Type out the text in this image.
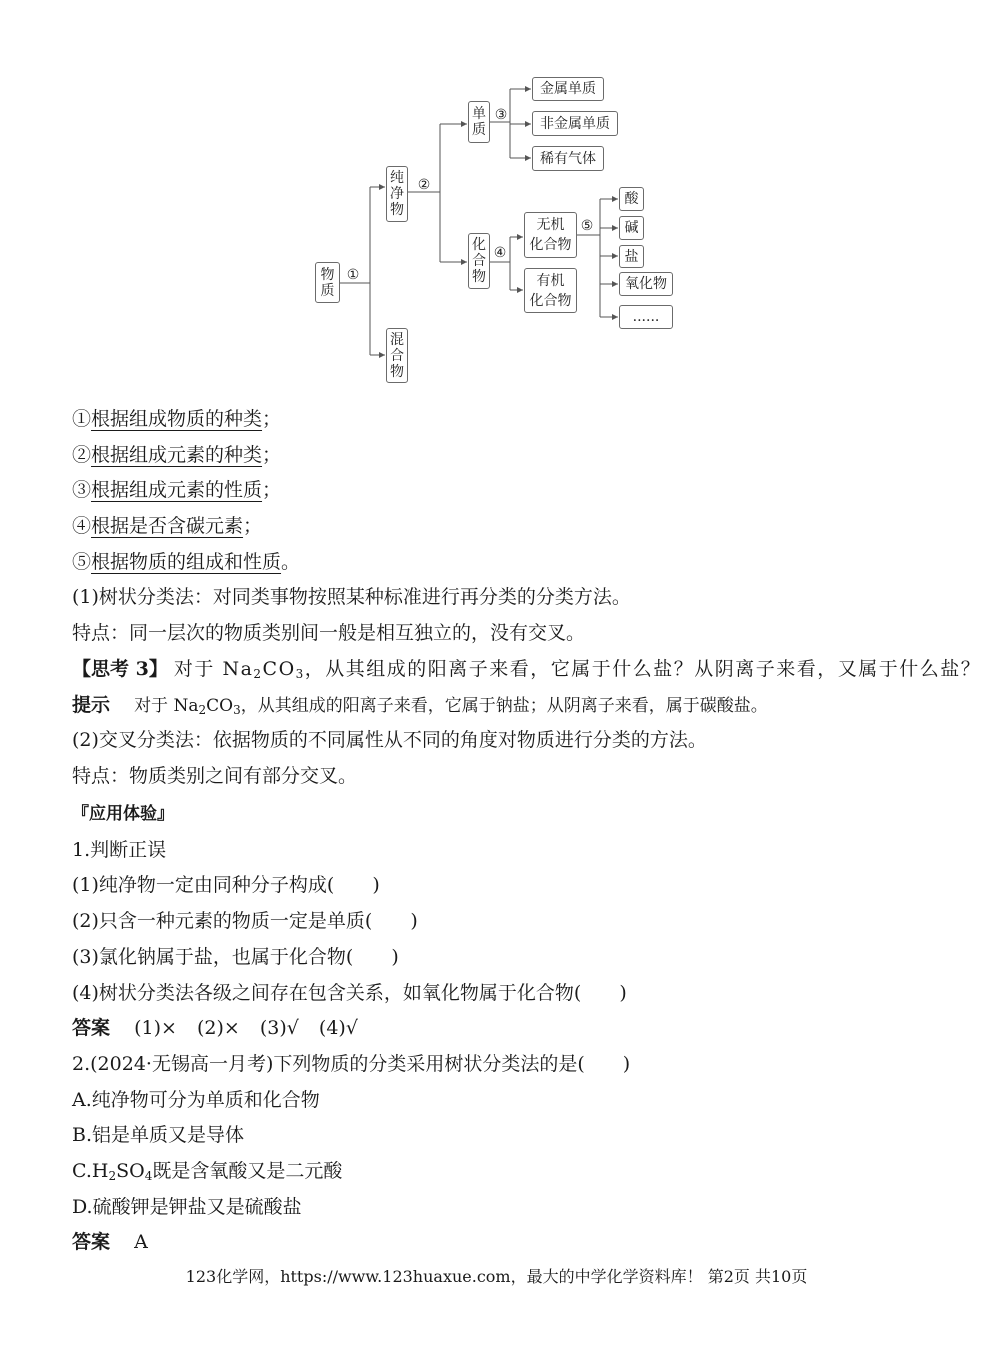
物质
纯净物
混合物
单质
化合物
金属单质
非金属单质
稀有气体
无机
化合物
有机
化合物
酸
碱
盐
氧化物
......
①
②
③
④
⑤
①根据组成物质的种类；
②根据组成元素的种类；
③根据组成元素的性质；
④根据是否含碳元素；
⑤根据物质的组成和性质。
(1)树状分类法：对同类事物按照某种标准进行再分类的分类方法。
特点：同一层次的物质类别间一般是相互独立的，没有交叉。
【思考 3】 对于 $Na_2CO_3$，从其组成的阳离子来看，它属于什么盐？从阴离子来看，又属于什么盐？
提示 对于 $Na_2CO_3$，从其组成的阳离子来看，它属于钠盐；从阴离子来看，属于碳酸盐。
(2)交叉分类法：依据物质的不同属性从不同的角度对物质进行分类的方法。
特点：物质类别之间有部分交叉。
『应用体验』
1.判断正误
(1)纯净物一定由同种分子构成(　　)
(2)只含一种元素的物质一定是单质(　　)
(3)氯化钠属于盐，也属于化合物(　　)
(4)树状分类法各级之间存在包含关系，如氧化物属于化合物(　　)
答案 (1)× (2)× (3)√ (4)√
2.(2024·无锡高一月考)下列物质的分类采用树状分类法的是(　　)
A.纯净物可分为单质和化合物
B.铝是单质又是导体
$C.H_2SO_4$既是含氧酸又是二元酸
D.硫酸钾是钾盐又是硫酸盐
答案 A
123化学网，https://www.123huaxue.com，最大的中学化学资料库！ 第2页 共10页
